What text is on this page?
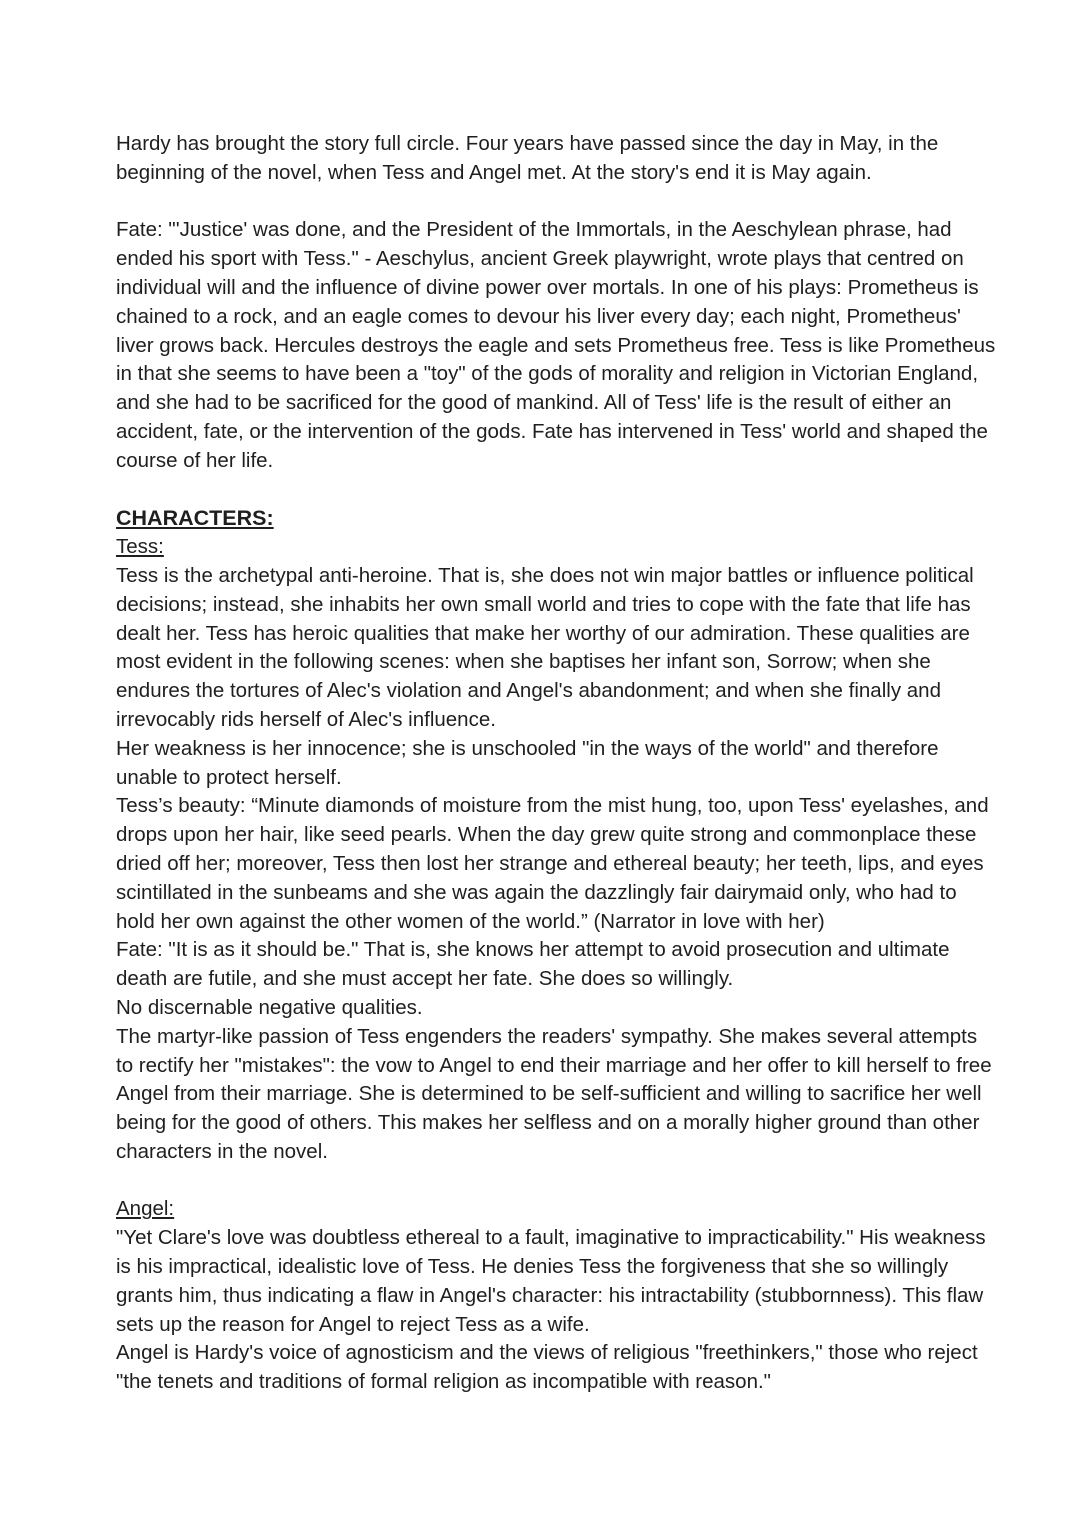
Hardy has brought the story full circle. Four years have passed since the day in May, in the beginning of the novel, when Tess and Angel met. At the story's end it is May again.

Fate: "'Justice' was done, and the President of the Immortals, in the Aeschylean phrase, had ended his sport with Tess." - Aeschylus, ancient Greek playwright, wrote plays that centred on individual will and the influence of divine power over mortals. In one of his plays: Prometheus is chained to a rock, and an eagle comes to devour his liver every day; each night, Prometheus' liver grows back. Hercules destroys the eagle and sets Prometheus free. Tess is like Prometheus in that she seems to have been a "toy" of the gods of morality and religion in Victorian England, and she had to be sacrificed for the good of mankind. All of Tess' life is the result of either an accident, fate, or the intervention of the gods. Fate has intervened in Tess' world and shaped the course of her life.

CHARACTERS:

Tess:

Tess is the archetypal anti-heroine. That is, she does not win major battles or influence political decisions; instead, she inhabits her own small world and tries to cope with the fate that life has dealt her. Tess has heroic qualities that make her worthy of our admiration. These qualities are most evident in the following scenes: when she baptises her infant son, Sorrow; when she endures the tortures of Alec's violation and Angel's abandonment; and when she finally and irrevocably rids herself of Alec's influence.

Her weakness is her innocence; she is unschooled "in the ways of the world" and therefore unable to protect herself.

Tess’s beauty: “Minute diamonds of moisture from the mist hung, too, upon Tess' eyelashes, and drops upon her hair, like seed pearls. When the day grew quite strong and commonplace these dried off her; moreover, Tess then lost her strange and ethereal beauty; her teeth, lips, and eyes scintillated in the sunbeams and she was again the dazzlingly fair dairymaid only, who had to hold her own against the other women of the world.” (Narrator in love with her)

Fate: "It is as it should be." That is, she knows her attempt to avoid prosecution and ultimate death are futile, and she must accept her fate. She does so willingly.

No discernable negative qualities.

The martyr-like passion of Tess engenders the readers' sympathy. She makes several attempts to rectify her "mistakes": the vow to Angel to end their marriage and her offer to kill herself to free Angel from their marriage. She is determined to be self-sufficient and willing to sacrifice her well being for the good of others. This makes her selfless and on a morally higher ground than other characters in the novel.

Angel:

"Yet Clare's love was doubtless ethereal to a fault, imaginative to impracticability." His weakness is his impractical, idealistic love of Tess. He denies Tess the forgiveness that she so willingly grants him, thus indicating a flaw in Angel's character: his intractability (stubbornness). This flaw sets up the reason for Angel to reject Tess as a wife.

Angel is Hardy's voice of agnosticism and the views of religious "freethinkers," those who reject "the tenets and traditions of formal religion as incompatible with reason."
